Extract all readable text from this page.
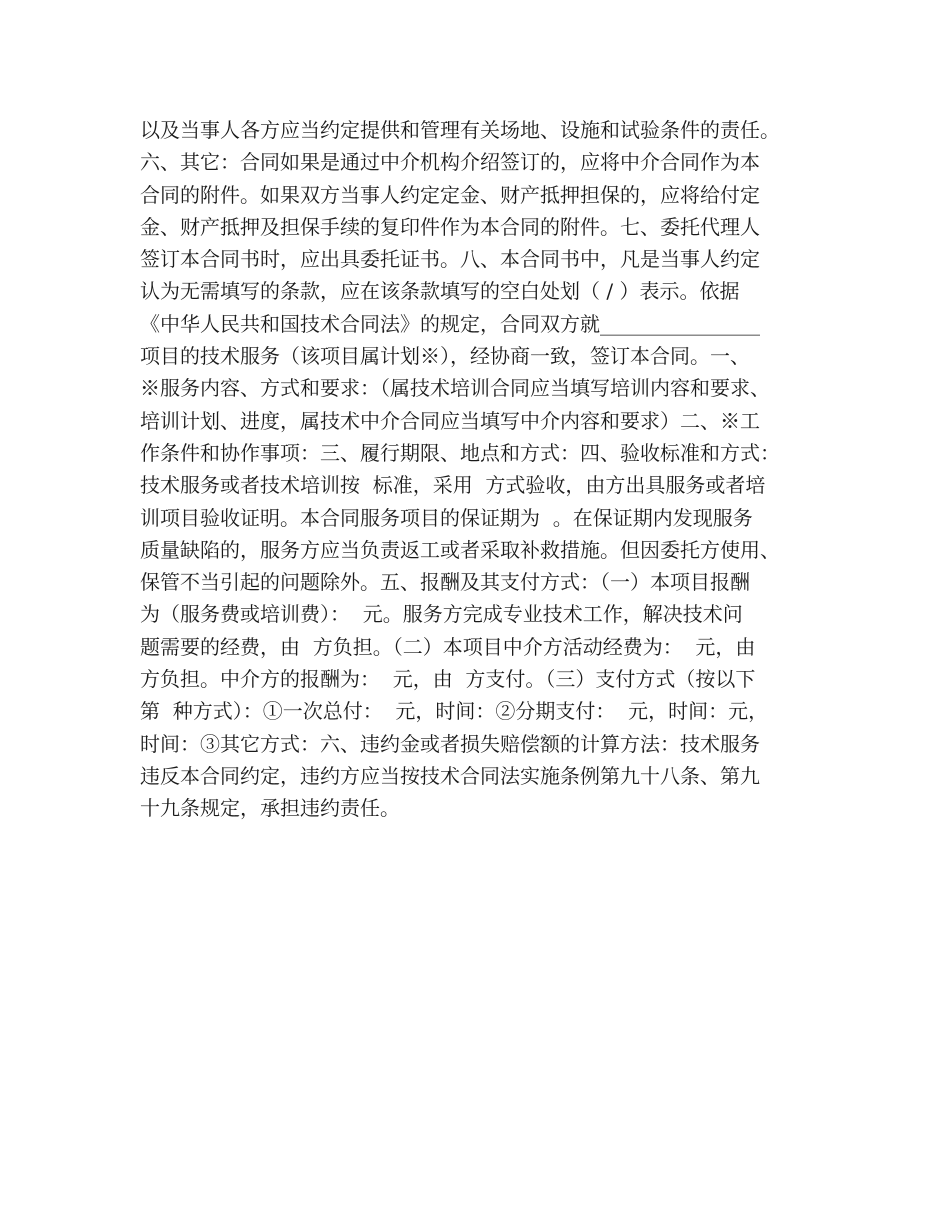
以及当事人各方应当约定提供和管理有关场地、设施和试验条件的责任。
六、其它：合同如果是通过中介机构介绍签订的，应将中介合同作为本
合同的附件。如果双方当事人约定定金、财产抵押担保的，应将给付定
金、财产抵押及担保手续的复印件作为本合同的附件。七、委托代理人
签订本合同书时，应出具委托证书。八、本合同书中，凡是当事人约定
认为无需填写的条款，应在该条款填写的空白处划（ / ）表示。依据
《中华人民共和国技术合同法》的规定，合同双方就________________
项目的技术服务（该项目属计划※），经协商一致，签订本合同。一、
※服务内容、方式和要求：（属技术培训合同应当填写培训内容和要求、
培训计划、进度，属技术中介合同应当填写中介内容和要求）二、※工
作条件和协作事项：三、履行期限、地点和方式：四、验收标准和方式：
技术服务或者技术培训按  标准，采用  方式验收，由方出具服务或者培
训项目验收证明。本合同服务项目的保证期为  。在保证期内发现服务
质量缺陷的，服务方应当负责返工或者采取补救措施。但因委托方使用、
保管不当引起的问题除外。五、报酬及其支付方式：（一）本项目报酬
为（服务费或培训费）：  元。服务方完成专业技术工作，解决技术问
题需要的经费，由  方负担。（二）本项目中介方活动经费为：  元，由
方负担。中介方的报酬为：  元，由  方支付。（三）支付方式（按以下
第  种方式）：①一次总付：  元，时间：②分期支付：  元，时间：元，
时间：③其它方式：六、违约金或者损失赔偿额的计算方法：技术服务
违反本合同约定，违约方应当按技术合同法实施条例第九十八条、第九
十九条规定，承担违约责任。
